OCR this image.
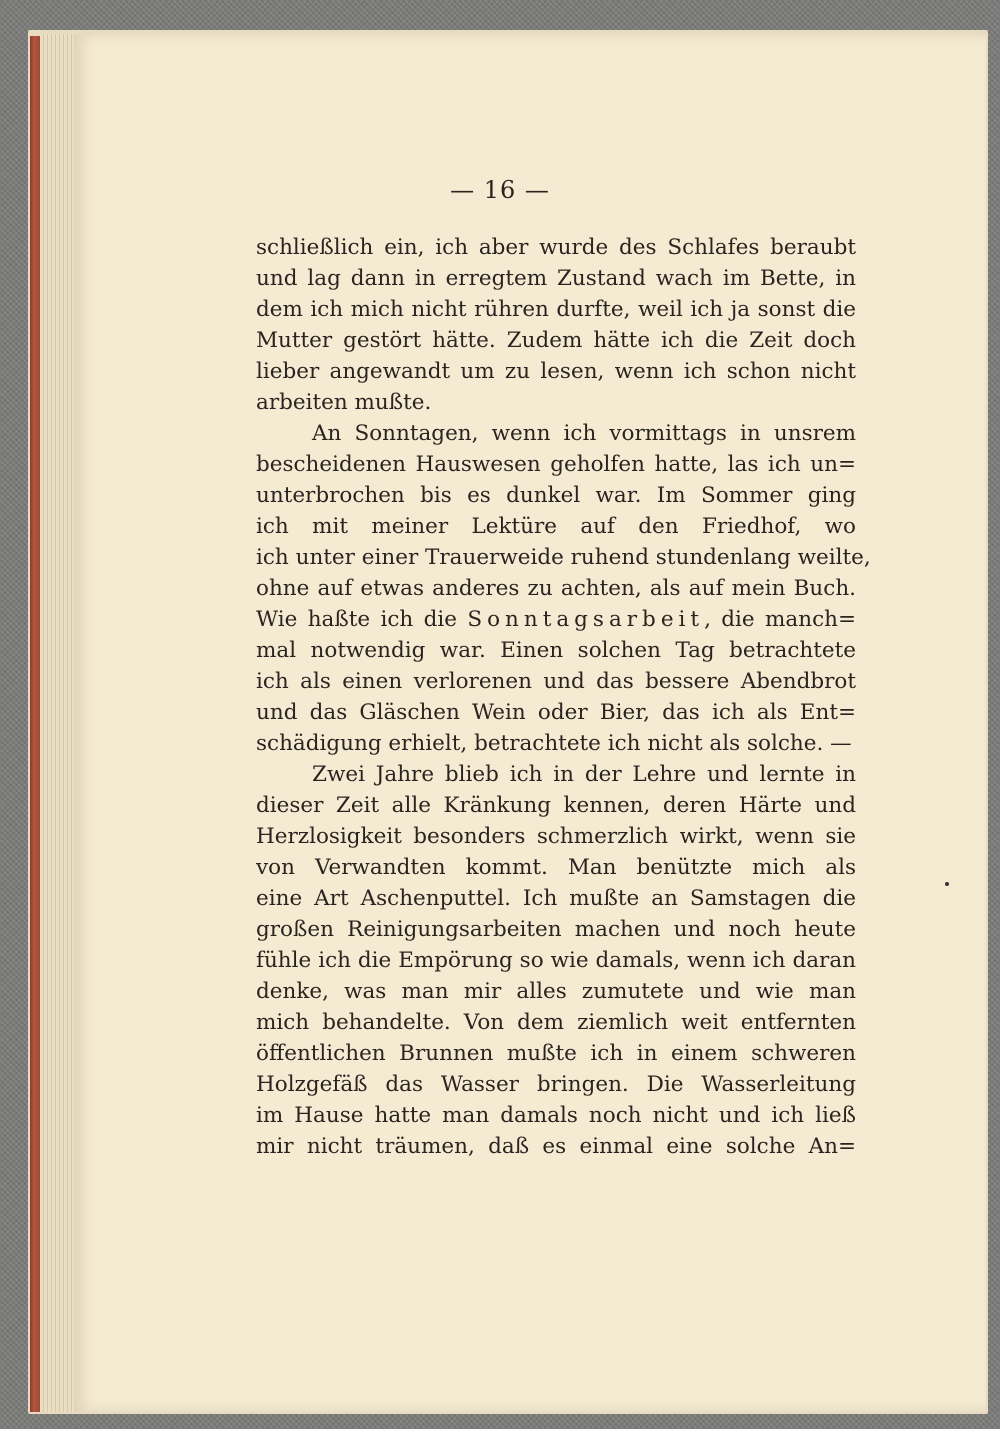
— 16 —
schließlich ein, ich aber wurde des Schlafes beraubt
und lag dann in erregtem Zustand wach im Bette, in
dem ich mich nicht rühren durfte, weil ich ja sonst die
Mutter gestört hätte. Zudem hätte ich die Zeit doch
lieber angewandt um zu lesen, wenn ich schon nicht
arbeiten mußte.
An Sonntagen, wenn ich vormittags in unsrem
bescheidenen Hauswesen geholfen hatte, las ich un=
unterbrochen bis es dunkel war. Im Sommer ging
ich mit meiner Lektüre auf den Friedhof, wo
ich unter einer Trauerweide ruhend stundenlang weilte,
ohne auf etwas anderes zu achten, als auf mein Buch.
Wie haßte ich die Sonntagsarbeit, die manch=
mal notwendig war. Einen solchen Tag betrachtete
ich als einen verlorenen und das bessere Abendbrot
und das Gläschen Wein oder Bier, das ich als Ent=
schädigung erhielt, betrachtete ich nicht als solche. —
Zwei Jahre blieb ich in der Lehre und lernte in
dieser Zeit alle Kränkung kennen, deren Härte und
Herzlosigkeit besonders schmerzlich wirkt, wenn sie
von Verwandten kommt. Man benützte mich als
eine Art Aschenputtel. Ich mußte an Samstagen die
großen Reinigungsarbeiten machen und noch heute
fühle ich die Empörung so wie damals, wenn ich daran
denke, was man mir alles zumutete und wie man
mich behandelte. Von dem ziemlich weit entfernten
öffentlichen Brunnen mußte ich in einem schweren
Holzgefäß das Wasser bringen. Die Wasserleitung
im Hause hatte man damals noch nicht und ich ließ
mir nicht träumen, daß es einmal eine solche An=
